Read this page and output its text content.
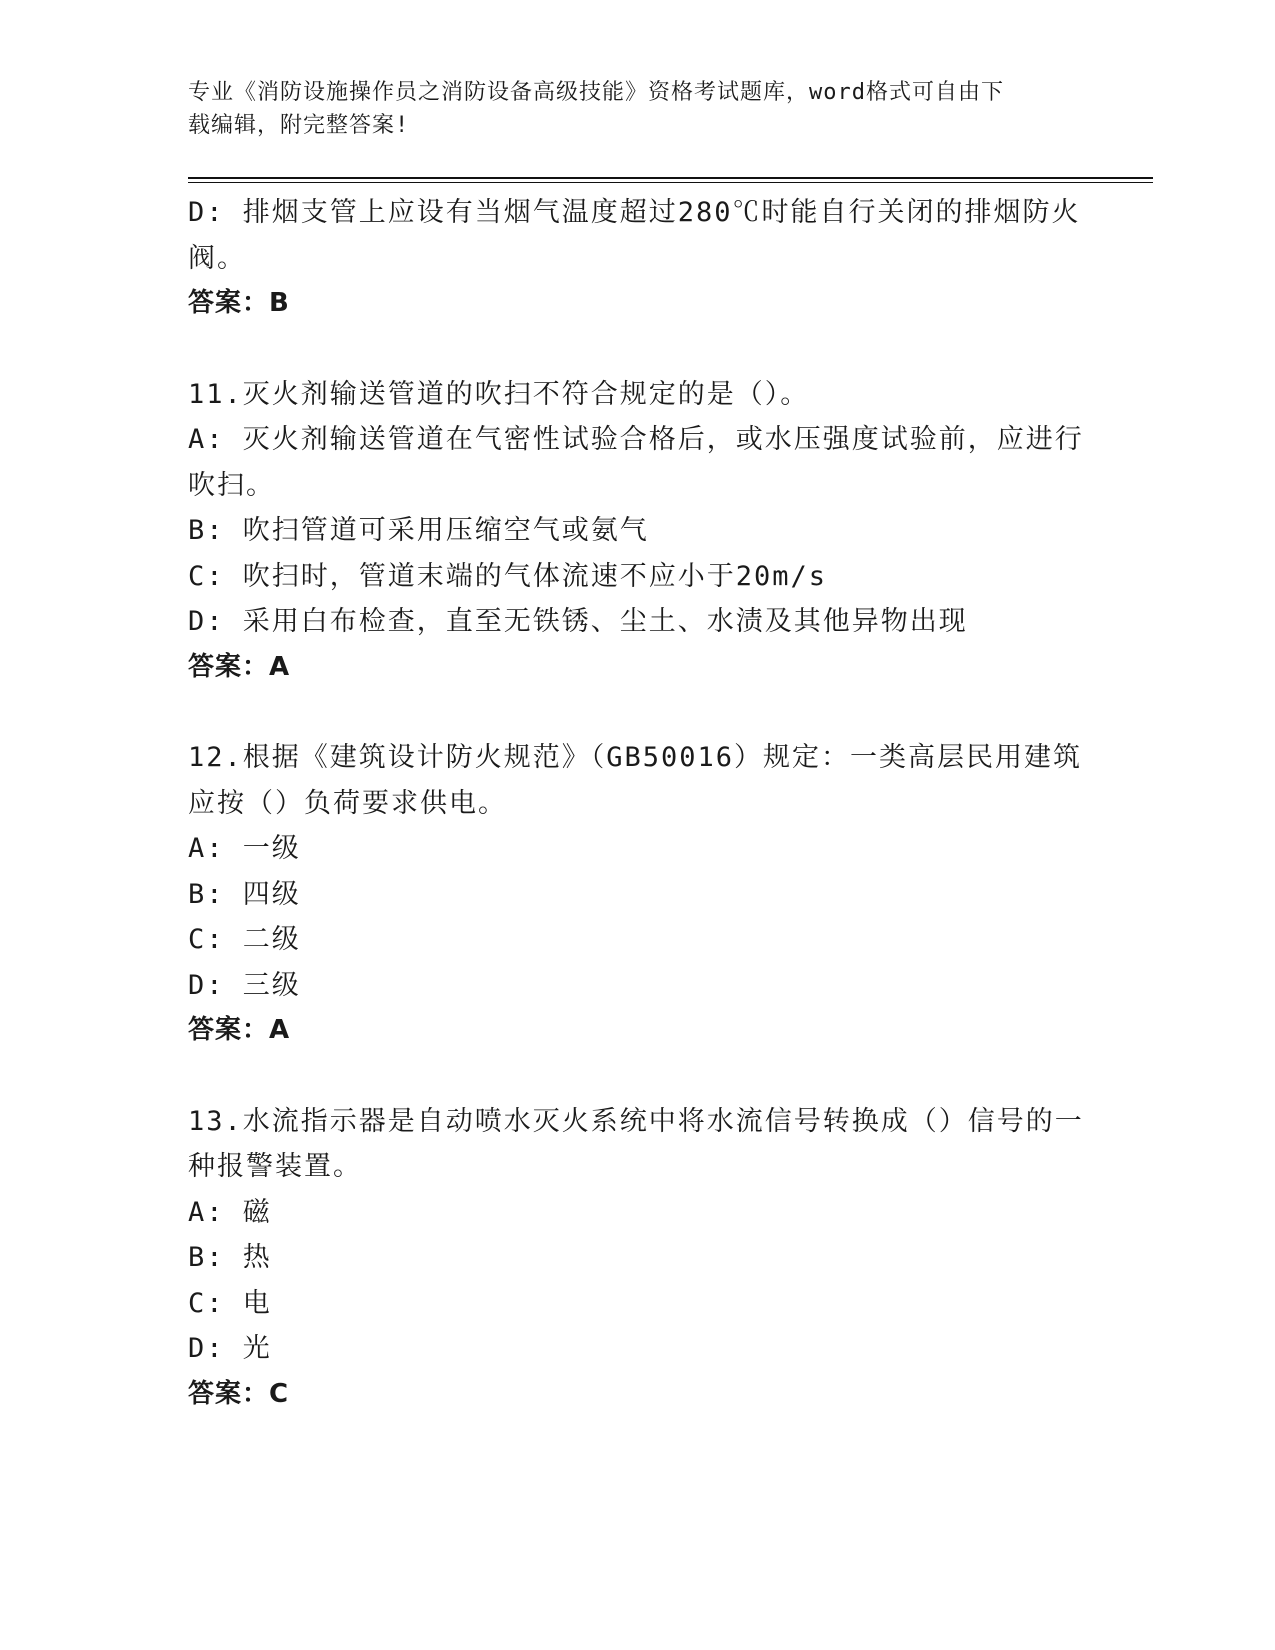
专业《消防设施操作员之消防设备高级技能》资格考试题库，word格式可自由下
载编辑，附完整答案!
D: 排烟支管上应设有当烟气温度超过280℃时能自行关闭的排烟防火
阀。
答案：B
11.灭火剂输送管道的吹扫不符合规定的是（）。
A: 灭火剂输送管道在气密性试验合格后，或水压强度试验前，应进行
吹扫。
B: 吹扫管道可采用压缩空气或氨气
C: 吹扫时，管道末端的气体流速不应小于20m/s
D: 采用白布检查，直至无铁锈、尘土、水渍及其他异物出现
答案：A
12.根据《建筑设计防火规范》（GB50016）规定：一类高层民用建筑
应按（）负荷要求供电。
A: 一级
B: 四级
C: 二级
D: 三级
答案：A
13.水流指示器是自动喷水灭火系统中将水流信号转换成（）信号的一
种报警装置。
A: 磁
B: 热
C: 电
D: 光
答案：C
